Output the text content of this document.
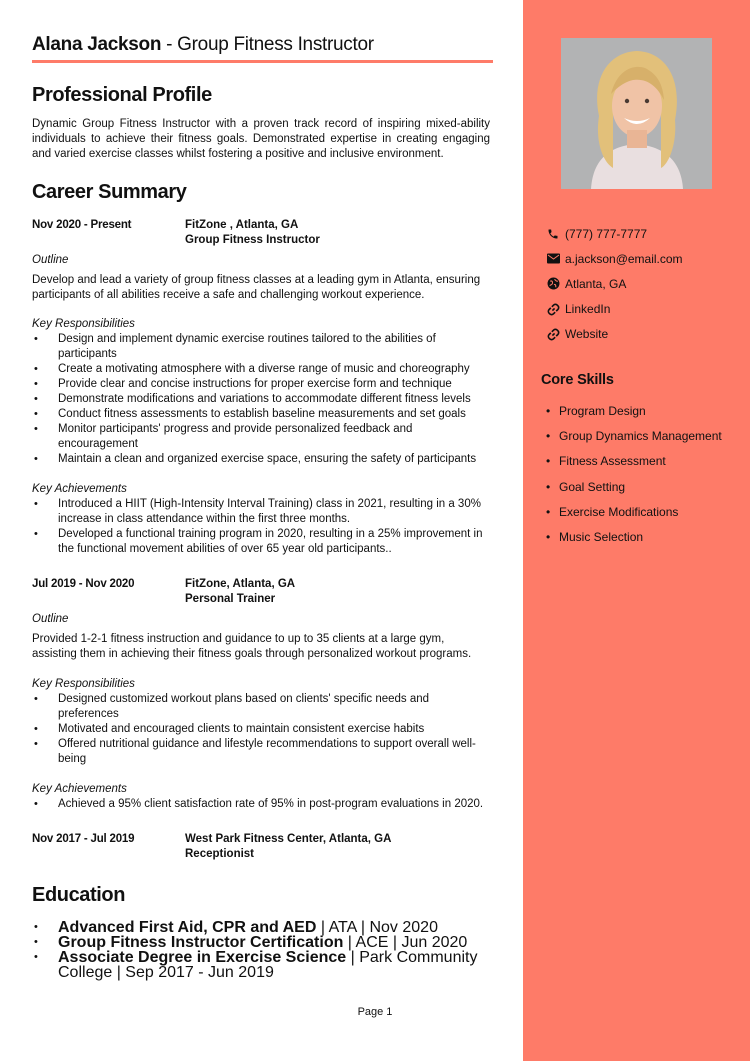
Alana Jackson - Group Fitness Instructor
Professional Profile

Dynamic Group Fitness Instructor with a proven track record of inspiring mixed-ability individuals to achieve their fitness goals. Demonstrated expertise in creating engaging and varied exercise classes whilst fostering a positive and inclusive environment.

Career Summary
Nov 2020 - Present	FitZone , Atlanta, GA
Group Fitness Instructor
Outline
Develop and lead a variety of group fitness classes at a leading gym in Atlanta, ensuring participants of all abilities receive a safe and challenging workout experience.
Key Responsibilities
• Design and implement dynamic exercise routines tailored to the abilities of participants
• Create a motivating atmosphere with a diverse range of music and choreography
• Provide clear and concise instructions for proper exercise form and technique
• Demonstrate modifications and variations to accommodate different fitness levels
• Conduct fitness assessments to establish baseline measurements and set goals
• Monitor participants' progress and provide personalized feedback and encouragement
• Maintain a clean and organized exercise space, ensuring the safety of participants
Key Achievements
• Introduced a HIIT (High-Intensity Interval Training) class in 2021, resulting in a 30% increase in class attendance within the first three months.
• Developed a functional training program in 2020, resulting in a 25% improvement in the functional movement abilities of over 65 year old participants..
Jul 2019 - Nov 2020	FitZone, Atlanta, GA
Personal Trainer
Outline
Provided 1-2-1 fitness instruction and guidance to up to 35 clients at a large gym, assisting them in achieving their fitness goals through personalized workout programs.
Key Responsibilities
• Designed customized workout plans based on clients' specific needs and preferences
• Motivated and encouraged clients to maintain consistent exercise habits
• Offered nutritional guidance and lifestyle recommendations to support overall well-being
Key Achievements
• Achieved a 95% client satisfaction rate of 95% in post-program evaluations in 2020.
Nov 2017 - Jul 2019	West Park Fitness Center, Atlanta, GA
Receptionist
Education
• Advanced First Aid, CPR and AED | ATA | Nov 2020
• Group Fitness Instructor Certification | ACE | Jun 2020
• Associate Degree in Exercise Science | Park Community College | Sep 2017 - Jun 2019
(777) 777-7777
a.jackson@email.com
Atlanta, GA
LinkedIn
Website
Core Skills
• Program Design
• Group Dynamics Management
• Fitness Assessment
• Goal Setting
• Exercise Modifications
• Music Selection
Page 1
